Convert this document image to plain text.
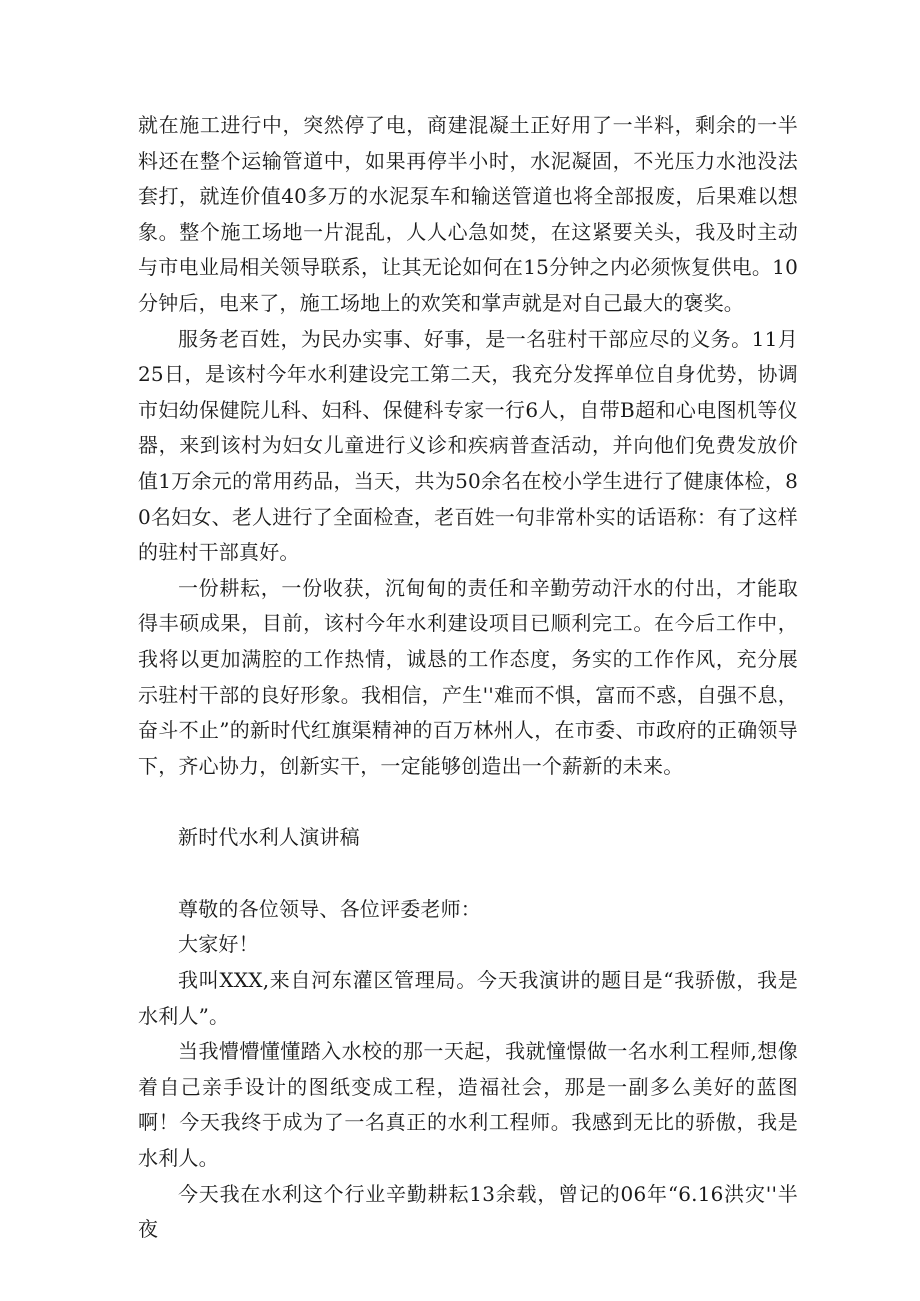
就在施工进行中，突然停了电，商建混凝土正好用了一半料，剩余的一半料还在整个运输管道中，如果再停半小时，水泥凝固，不光压力水池没法套打，就连价值40多万的水泥泵车和输送管道也将全部报废，后果难以想象。整个施工场地一片混乱，人人心急如焚，在这紧要关头，我及时主动与市电业局相关领导联系，让其无论如何在15分钟之内必须恢复供电。10分钟后，电来了，施工场地上的欢笑和掌声就是对自己最大的褒奖。

服务老百姓，为民办实事、好事，是一名驻村干部应尽的义务。11月25日，是该村今年水利建设完工第二天，我充分发挥单位自身优势，协调市妇幼保健院儿科、妇科、保健科专家一行6人，自带B超和心电图机等仪器，来到该村为妇女儿童进行义诊和疾病普查活动，并向他们免费发放价值1万余元的常用药品，当天，共为50余名在校小学生进行了健康体检，80名妇女、老人进行了全面检查，老百姓一句非常朴实的话语称：有了这样的驻村干部真好。

一份耕耘，一份收获，沉甸甸的责任和辛勤劳动汗水的付出，才能取得丰硕成果，目前，该村今年水利建设项目已顺利完工。在今后工作中，我将以更加满腔的工作热情，诚恳的工作态度，务实的工作作风，充分展示驻村干部的良好形象。我相信，产生''难而不惧，富而不惑，自强不息，奋斗不止”的新时代红旗渠精神的百万林州人，在市委、市政府的正确领导下，齐心协力，创新实干，一定能够创造出一个薪新的未来。

新时代水利人演讲稿

尊敬的各位领导、各位评委老师：

大家好！

我叫XXX,来自河东灌区管理局。今天我演讲的题目是“我骄傲，我是水利人”。

当我懵懵懂懂踏入水校的那一天起，我就憧憬做一名水利工程师,想像着自己亲手设计的图纸变成工程，造福社会，那是一副多么美好的蓝图啊！今天我终于成为了一名真正的水利工程师。我感到无比的骄傲，我是水利人。

今天我在水利这个行业辛勤耕耘13余载，曾记的06年“6.16洪灾''半夜
